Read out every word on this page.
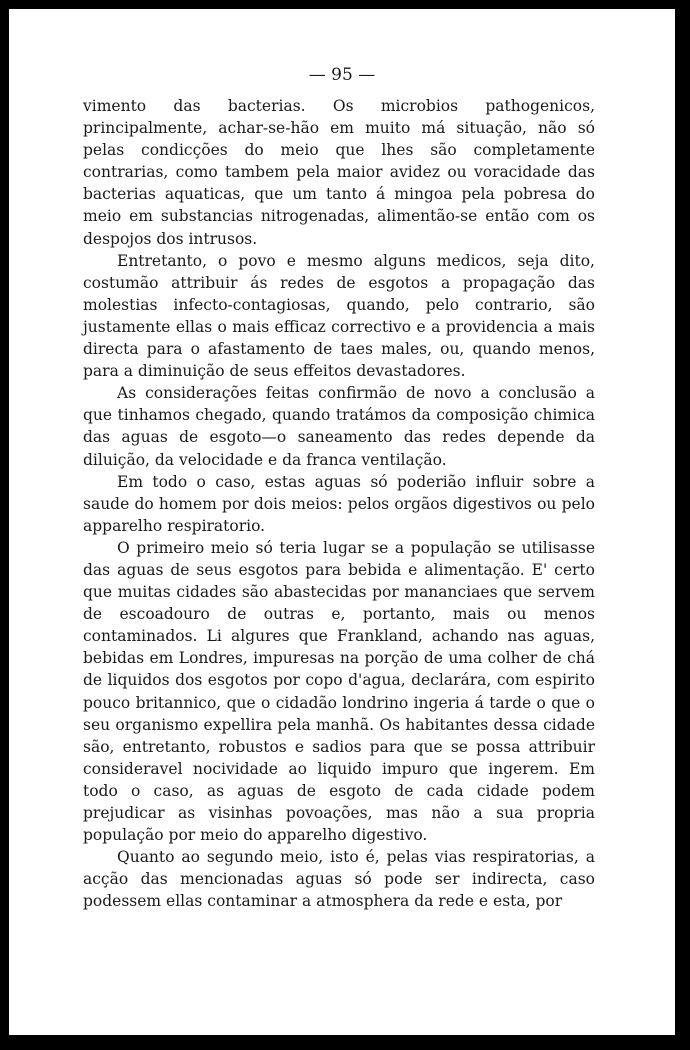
— 95 —

vimento das bacterias. Os microbios pathogenicos, principalmente, achar-se-hão em muito má situação, não só pelas condicções do meio que lhes são completamente contrarias, como tambem pela maior avidez ou voracidade das bacterias aquaticas, que um tanto á mingoa pela pobresa do meio em substancias nitrogenadas, alimentão-se então com os despojos dos intrusos.

Entretanto, o povo e mesmo alguns medicos, seja dito, costumão attribuir ás redes de esgotos a propagação das molestias infecto-contagiosas, quando, pelo contrario, são justamente ellas o mais efficaz correctivo e a providencia a mais directa para o afastamento de taes males, ou, quando menos, para a diminuição de seus effeitos devastadores.

As considerações feitas confirmão de novo a conclusão a que tinhamos chegado, quando tratámos da composição chimica das aguas de esgoto—o saneamento das redes depende da diluição, da velocidade e da franca ventilação.

Em todo o caso, estas aguas só poderião influir sobre a saude do homem por dois meios: pelos orgãos digestivos ou pelo apparelho respiratorio.

O primeiro meio só teria lugar se a população se utilisasse das aguas de seus esgotos para bebida e alimentação. E' certo que muitas cidades são abastecidas por mananciaes que servem de escoadouro de outras e, portanto, mais ou menos contaminados. Li algures que Frankland, achando nas aguas, bebidas em Londres, impuresas na porção de uma colher de chá de liquidos dos esgotos por copo d'agua, declarára, com espirito pouco britannico, que o cidadão londrino ingeria á tarde o que o seu organismo expellira pela manhã. Os habitantes dessa cidade são, entretanto, robustos e sadios para que se possa attribuir consideravel nocividade ao liquido impuro que ingerem. Em todo o caso, as aguas de esgoto de cada cidade podem prejudicar as visinhas povoações, mas não a sua propria população por meio do apparelho digestivo.

Quanto ao segundo meio, isto é, pelas vias respiratorias, a acção das mencionadas aguas só pode ser indirecta, caso podessem ellas contaminar a atmosphera da rede e esta, por
